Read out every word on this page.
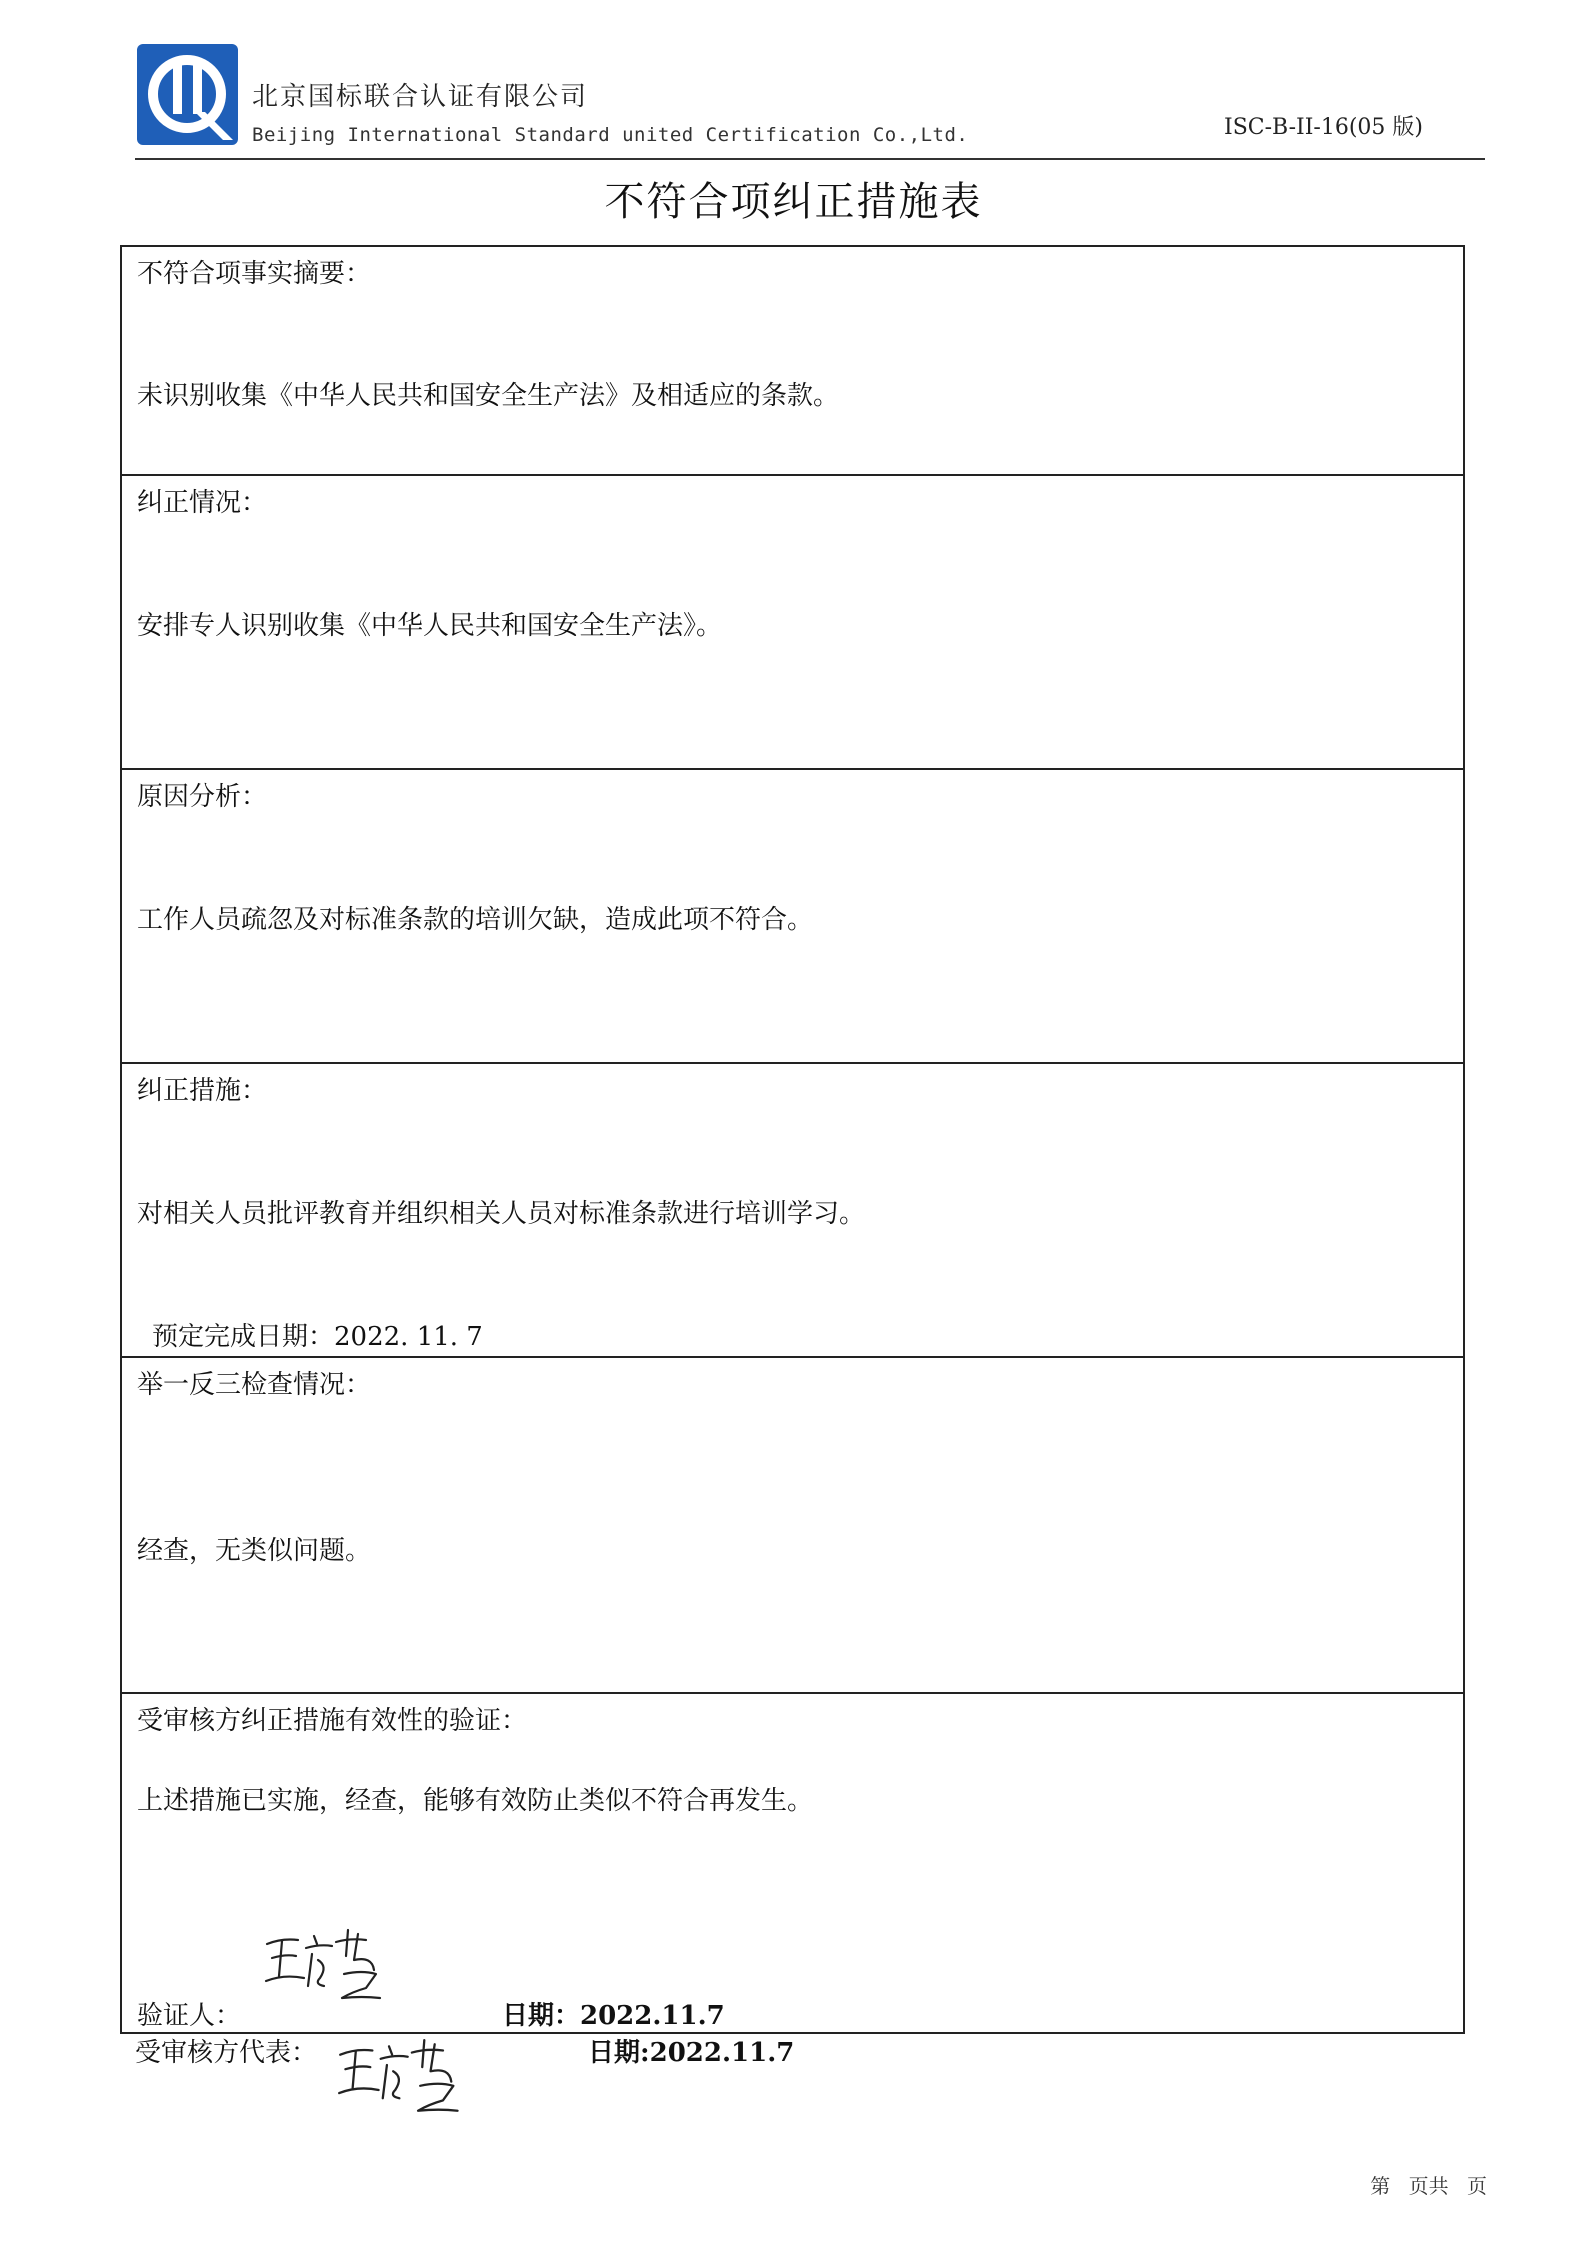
北京国标联合认证有限公司
Beijing International Standard united Certification Co.,Ltd.	ISC-B-II-16(05 版)
不符合项纠正措施表
不符合项事实摘要：
未识别收集《中华人民共和国安全生产法》及相适应的条款。
纠正情况：
安排专人识别收集《中华人民共和国安全生产法》。
原因分析：
工作人员疏忽及对标准条款的培训欠缺，造成此项不符合。
纠正措施：
对相关人员批评教育并组织相关人员对标准条款进行培训学习。
预定完成日期：2022. 11. 7
举一反三检查情况：
经查，无类似问题。
受审核方纠正措施有效性的验证：
上述措施已实施，经查，能够有效防止类似不符合再发生。
验证人：	日期：2022.11.7
受审核方代表：	日期:2022.11.7
第 页共 页
